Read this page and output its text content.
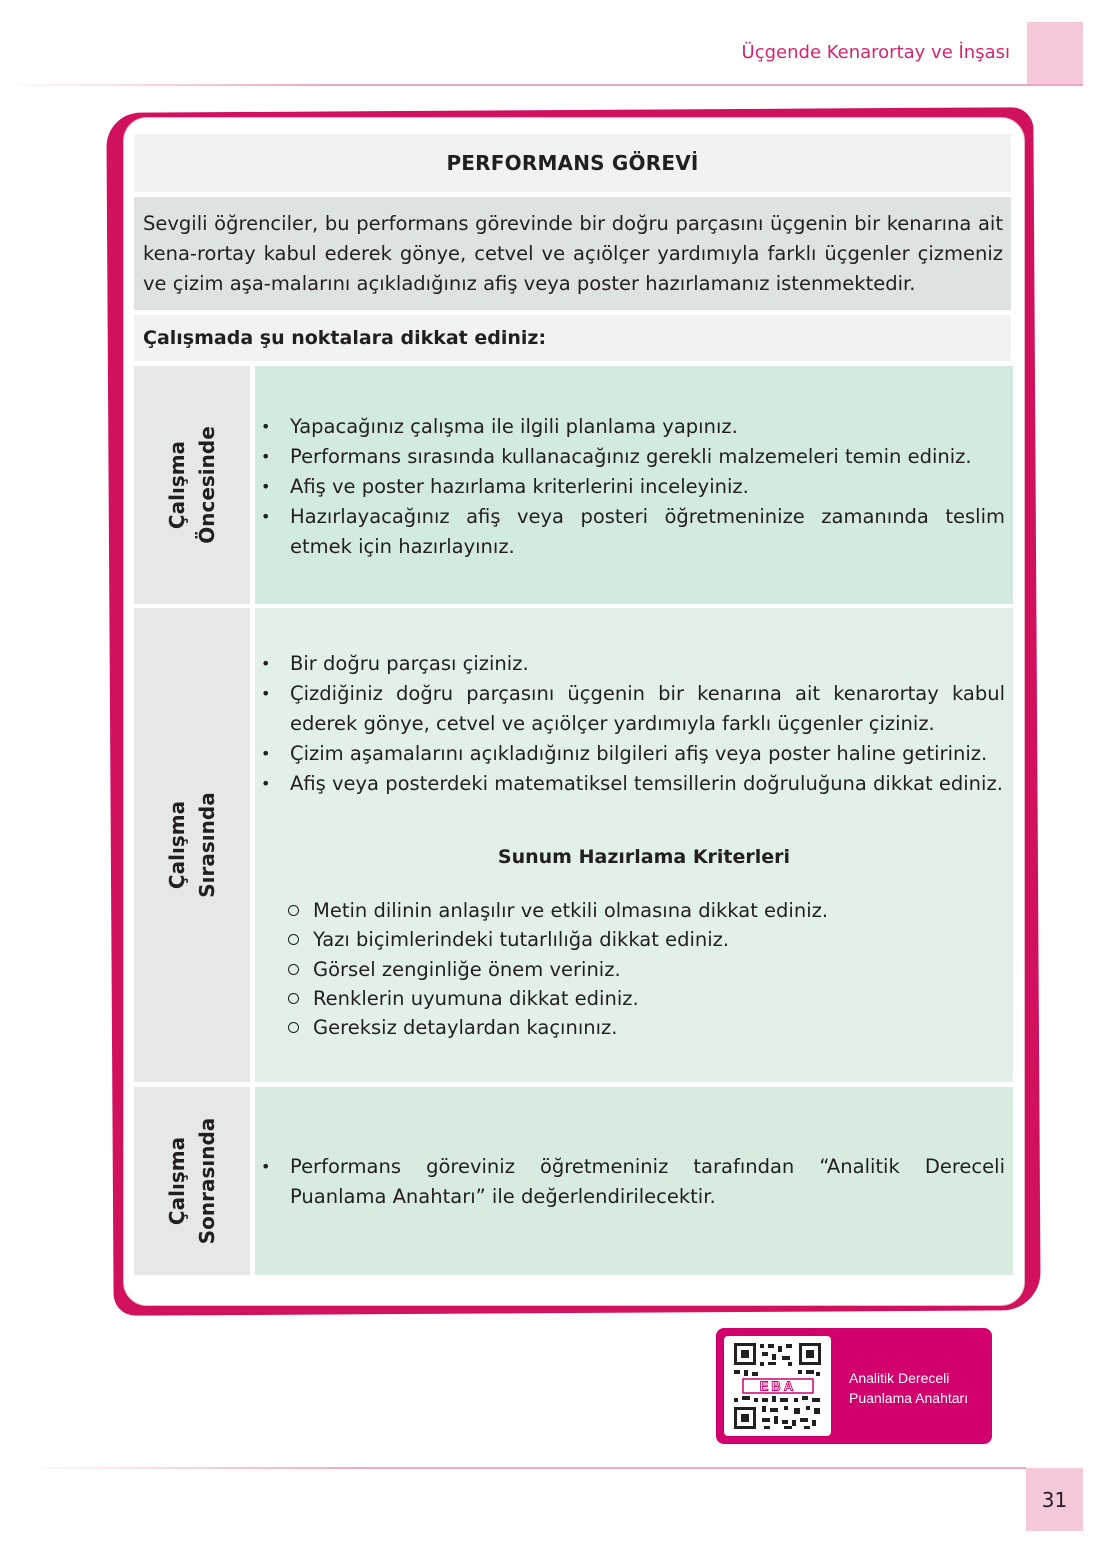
Üçgende Kenarortay ve İnşası
PERFORMANS GÖREVİ
Sevgili öğrenciler, bu performans görevinde bir doğru parçasını üçgenin bir kenarına ait kena-rortay kabul ederek gönye, cetvel ve açıölçer yardımıyla farklı üçgenler çizmeniz ve çizim aşa-malarını açıkladığınız afiş veya poster hazırlamanız istenmektedir.
Çalışmada şu noktalara dikkat ediniz:
Çalışma Öncesinde	• Yapacağınız çalışma ile ilgili planlama yapınız.
• Performans sırasında kullanacağınız gerekli malzemeleri temin ediniz.
• Afiş ve poster hazırlama kriterlerini inceleyiniz.
• Hazırlayacağınız afiş veya posteri öğretmeninize zamanında teslim etmek için hazırlayınız.
Çalışma Sırasında
• Bir doğru parçası çiziniz.
• Çizdiğiniz doğru parçasını üçgenin bir kenarına ait kenarortay kabul ederek gönye, cetvel ve açıölçer yardımıyla farklı üçgenler çiziniz.
• Çizim aşamalarını açıkladığınız bilgileri afiş veya poster haline getiriniz.
• Afiş veya posterdeki matematiksel temsillerin doğruluğuna dikkat ediniz.
Sunum Hazırlama Kriterleri
Metin dilinin anlaşılır ve etkili olmasına dikkat ediniz.
Yazı biçimlerindeki tutarlılığa dikkat ediniz.
Görsel zenginliğe önem veriniz.
Renklerin uyumuna dikkat ediniz.
Gereksiz detaylardan kaçınınız.
Çalışma Sonrasında	• Performans göreviniz öğretmeniniz tarafından “Analitik Dereceli Puanlama Anahtarı” ile değerlendirilecektir.
EBA	Analitik Dereceli
Puanlama Anahtarı
31
